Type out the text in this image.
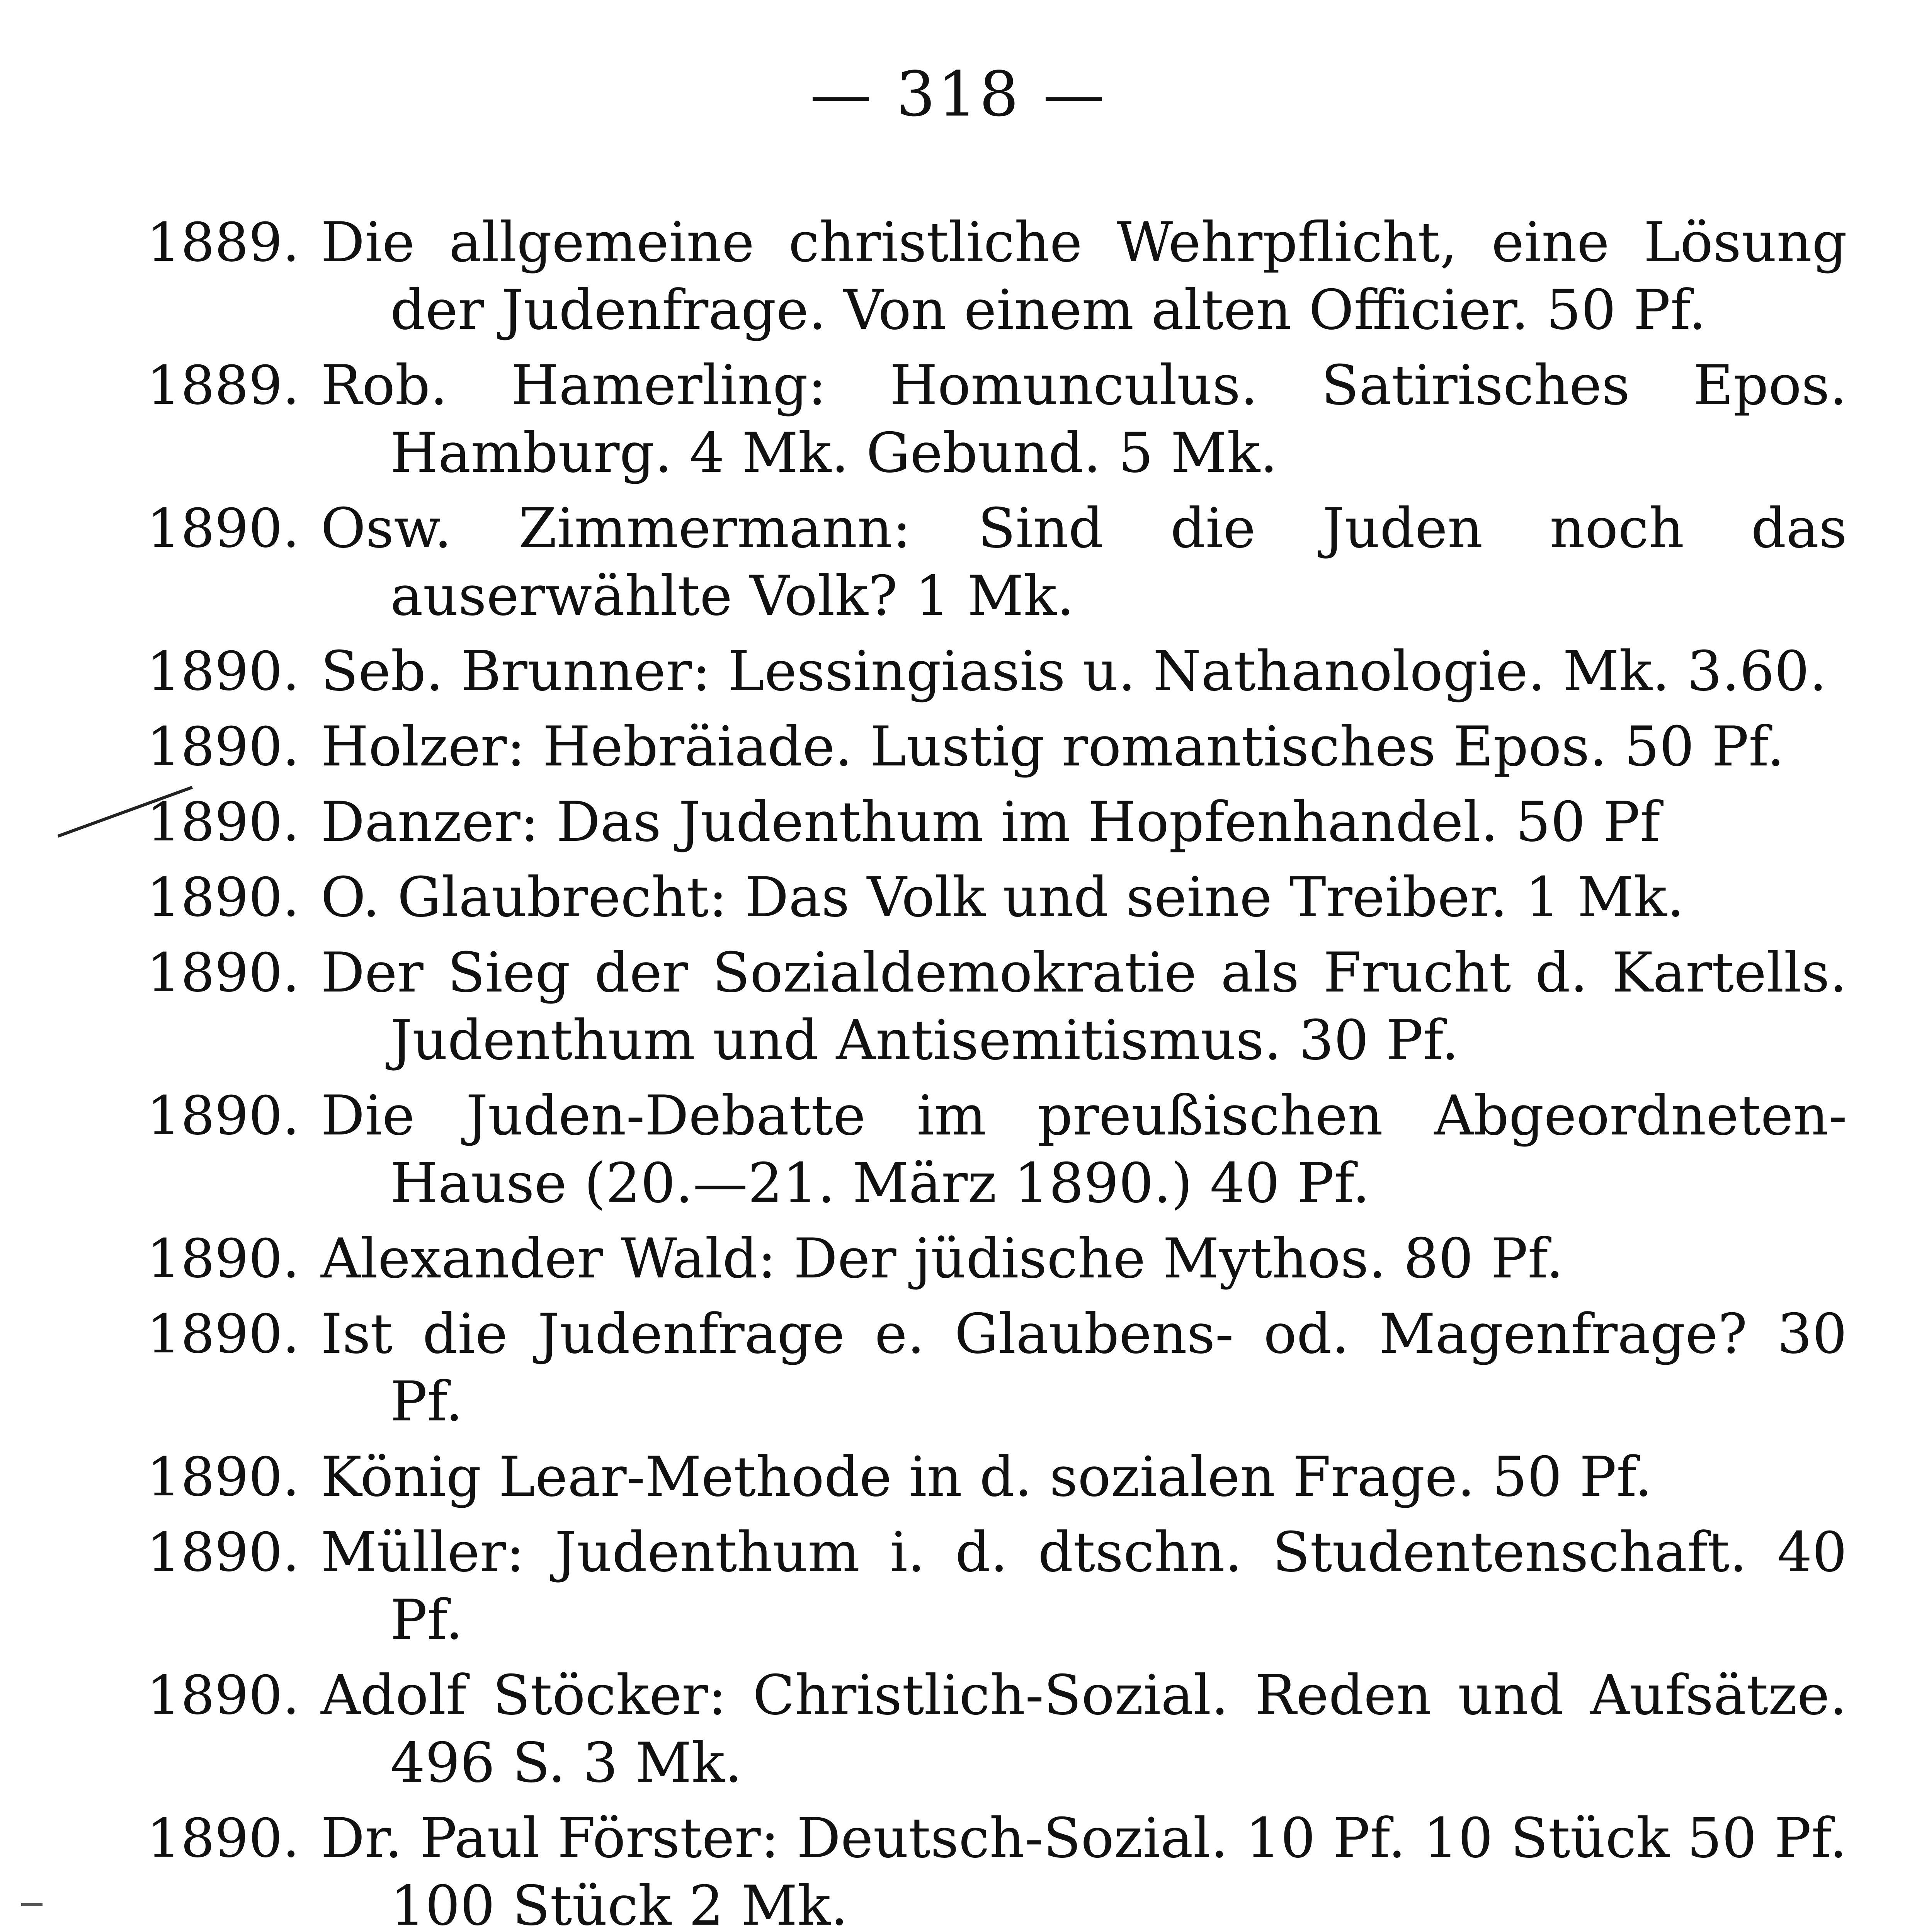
— 318 —
1889. Die allgemeine christliche Wehrpflicht, eine Lösung der Judenfrage. Von einem alten Officier. 50 Pf.
1889. Rob. Hamerling: Homunculus. Satirisches Epos. Hamburg. 4 Mk. Gebund. 5 Mk.
1890. Osw. Zimmermann: Sind die Juden noch das auserwählte Volk? 1 Mk.
1890. Seb. Brunner: Lessingiasis u. Nathanologie. Mk. 3.60.
1890. Holzer: Hebräiade. Lustig romantisches Epos. 50 Pf.
1890. Danzer: Das Judenthum im Hopfenhandel. 50 Pf
1890. O. Glaubrecht: Das Volk und seine Treiber. 1 Mk.
1890. Der Sieg der Sozialdemokratie als Frucht d. Kartells. Judenthum und Antisemitismus. 30 Pf.
1890. Die Juden-Debatte im preußischen Abgeordneten-Hause (20.—21. März 1890.) 40 Pf.
1890. Alexander Wald: Der jüdische Mythos. 80 Pf.
1890. Ist die Judenfrage e. Glaubens- od. Magenfrage? 30 Pf.
1890. König Lear-Methode in d. sozialen Frage. 50 Pf.
1890. Müller: Judenthum i. d. dtschn. Studentenschaft. 40 Pf.
1890. Adolf Stöcker: Christlich-Sozial. Reden und Aufsätze. 496 S. 3 Mk.
1890. Dr. Paul Förster: Deutsch-Sozial. 10 Pf. 10 Stück 50 Pf. 100 Stück 2 Mk.
